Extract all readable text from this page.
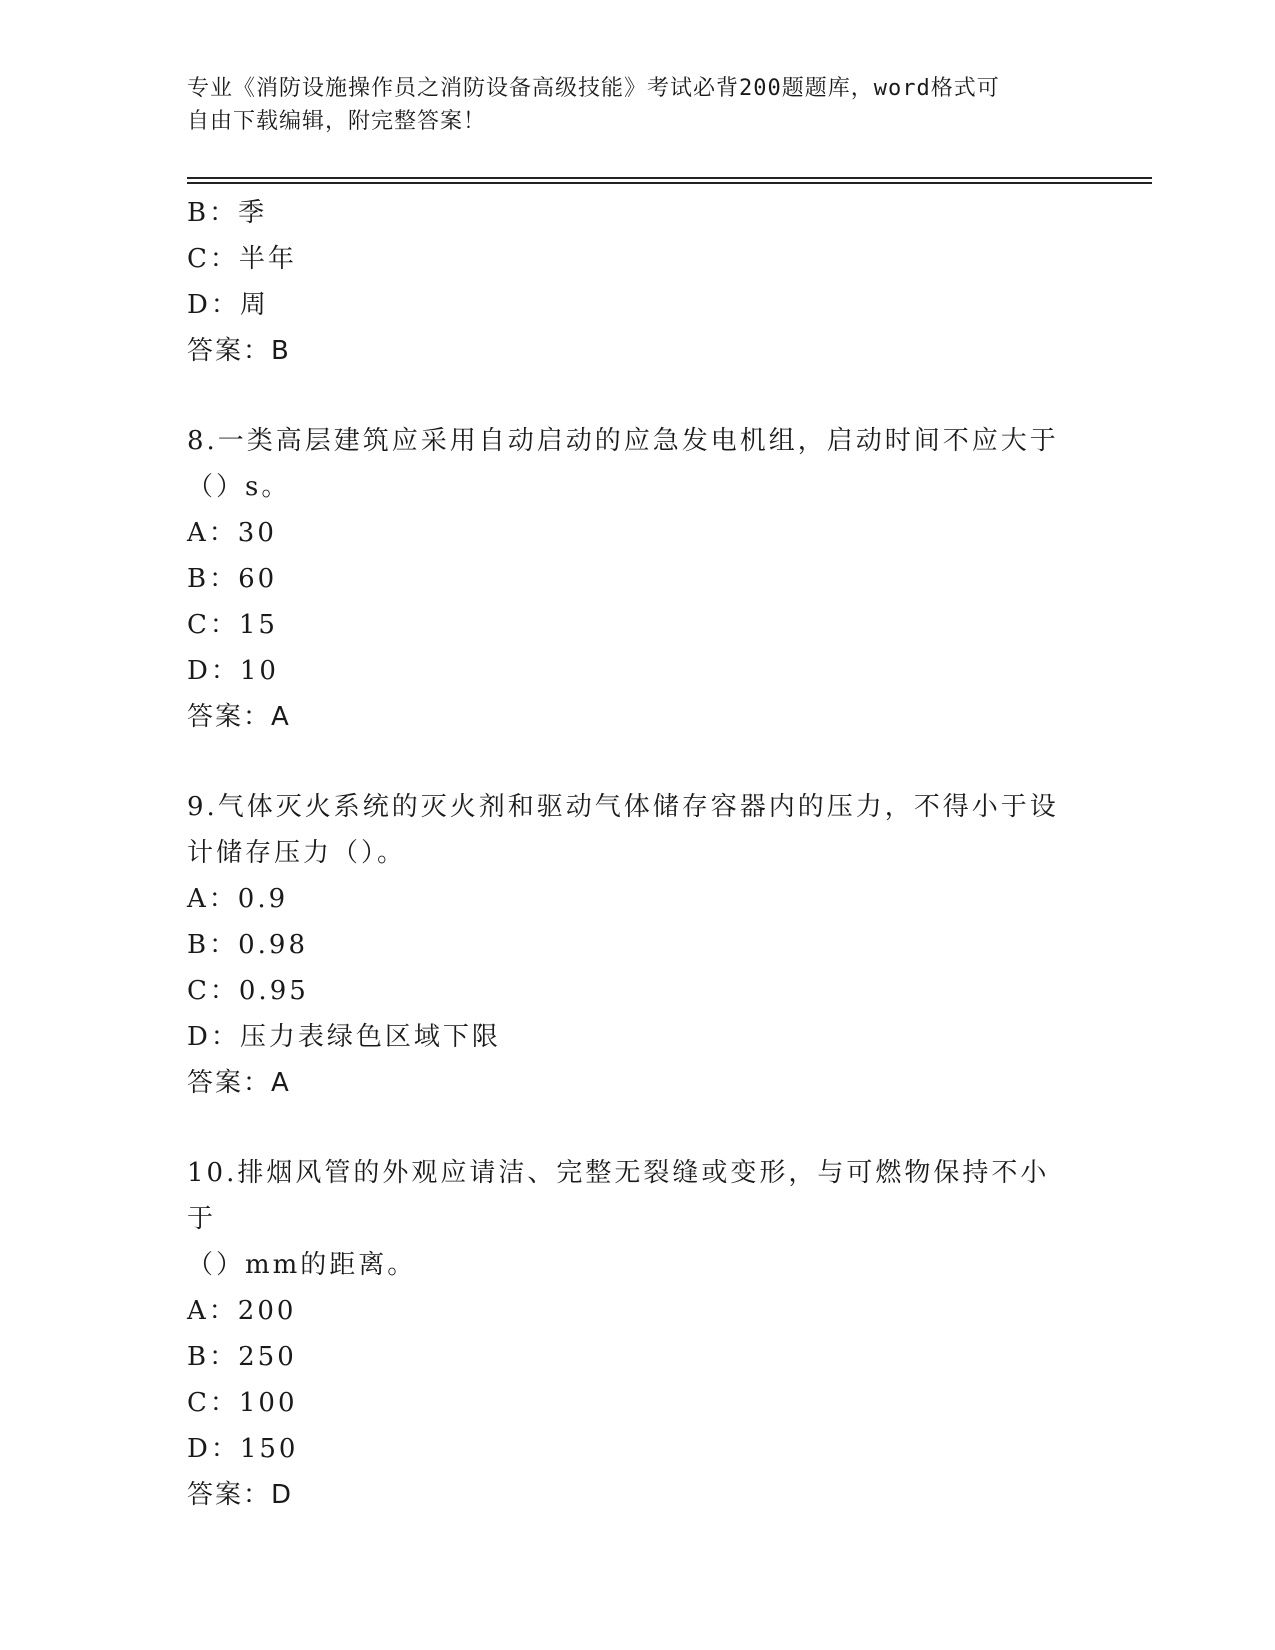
专业《消防设施操作员之消防设备高级技能》考试必背200题题库，word格式可
自由下载编辑，附完整答案！
B：季
C：半年
D：周
答案：B
8.一类高层建筑应采用自动启动的应急发电机组，启动时间不应大于
（）s。
A：30
B：60
C：15
D：10
答案：A
9.气体灭火系统的灭火剂和驱动气体储存容器内的压力，不得小于设
计储存压力（）。
A：0.9
B：0.98
C：0.95
D：压力表绿色区域下限
答案：A
10.排烟风管的外观应请洁、完整无裂缝或变形，与可燃物保持不小于
（）mm的距离。
A：200
B：250
C：100
D：150
答案：D
